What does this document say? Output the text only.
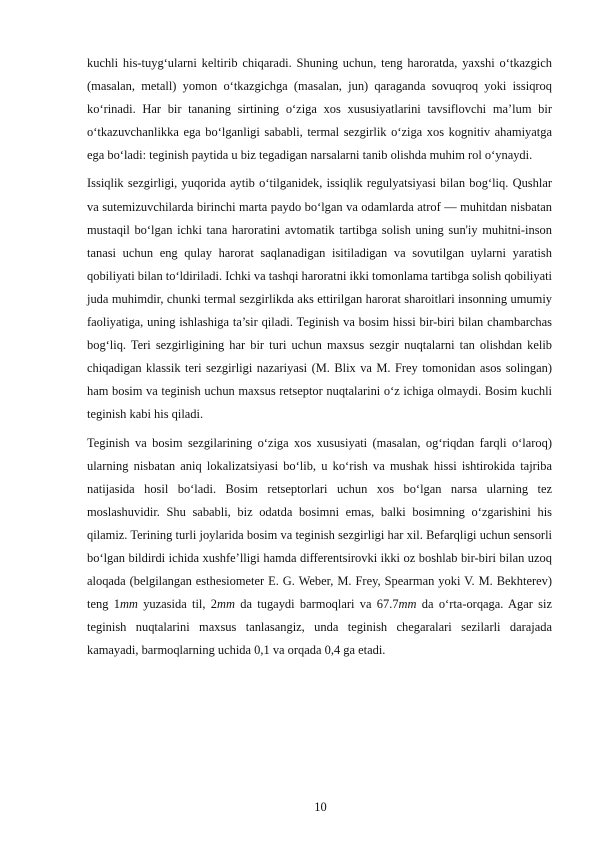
kuchli his-tuyg‘ularni keltirib chiqaradi. Shuning uchun, teng haroratda, yaxshi o‘tkazgich (masalan, metall) yomon o‘tkazgichga (masalan, jun) qaraganda sovuqroq yoki issiqroq ko‘rinadi. Har bir tananing sirtining o‘ziga xos xususiyatlarini tavsiflovchi ma’lum bir o‘tkazuvchanlikka ega bo‘lganligi sababli, termal sezgirlik o‘ziga xos kognitiv ahamiyatga ega bo‘ladi: teginish paytida u biz tegadigan narsalarni tanib olishda muhim rol o‘ynaydi.

Issiqlik sezgirligi, yuqorida aytib o‘tilganidek, issiqlik regulyatsiyasi bilan bog‘liq. Qushlar va sutemizuvchilarda birinchi marta paydo bo‘lgan va odamlarda atrof — muhitdan nisbatan mustaqil bo‘lgan ichki tana haroratini avtomatik tartibga solish uning sun'iy muhitni-inson tanasi uchun eng qulay harorat saqlanadigan isitiladigan va sovutilgan uylarni yaratish qobiliyati bilan to‘ldiriladi. Ichki va tashqi haroratni ikki tomonlama tartibga solish qobiliyati juda muhimdir, chunki termal sezgirlikda aks ettirilgan harorat sharoitlari insonning umumiy faoliyatiga, uning ishlashiga ta’sir qiladi. Teginish va bosim hissi bir-biri bilan chambarchas bog‘liq. Teri sezgirligining har bir turi uchun maxsus sezgir nuqtalarni tan olishdan kelib chiqadigan klassik teri sezgirligi nazariyasi (M. Blix va M. Frey tomonidan asos solingan) ham bosim va teginish uchun maxsus retseptor nuqtalarini o‘z ichiga olmaydi. Bosim kuchli teginish kabi his qiladi.

Teginish va bosim sezgilarining o‘ziga xos xususiyati (masalan, og‘riqdan farqli o‘laroq) ularning nisbatan aniq lokalizatsiyasi bo‘lib, u ko‘rish va mushak hissi ishtirokida tajriba natijasida hosil bo‘ladi. Bosim retseptorlari uchun xos bo‘lgan narsa ularning tez moslashuvidir. Shu sababli, biz odatda bosimni emas, balki bosimning o‘zgarishini his qilamiz. Terining turli joylarida bosim va teginish sezgirligi har xil. Befarqligi uchun sensorli bo‘lgan bildirdi ichida xushfe’lligi hamda differentsirovki ikki oz boshlab bir-biri bilan uzoq aloqada (belgilangan esthesiometer E. G. Weber, M. Frey, Spearman yoki V. M. Bekhterev) teng 1mm yuzasida til, 2mm da tugaydi barmoqlari va 67.7mm da o‘rta-orqaga. Agar siz teginish nuqtalarini maxsus tanlasangiz, unda teginish chegaralari sezilarli darajada kamayadi, barmoqlarning uchida 0,1 va orqada 0,4 ga etadi.

10
